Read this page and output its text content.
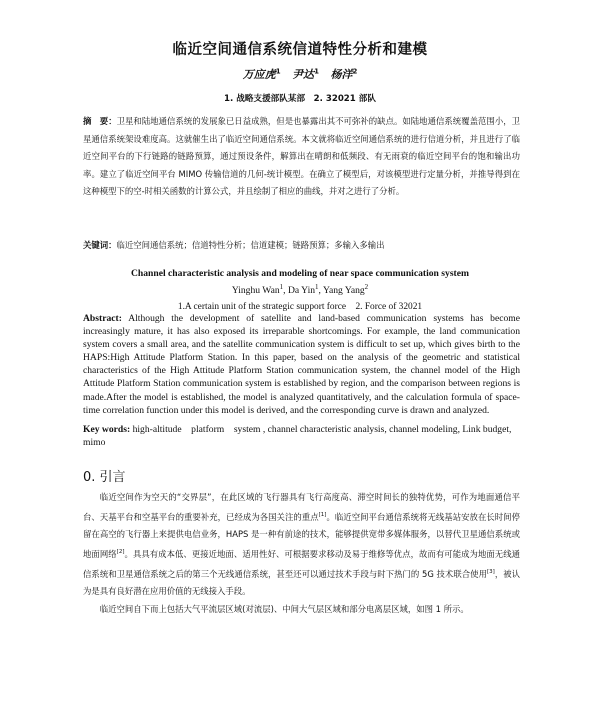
临近空间通信系统信道特性分析和建模
万应虎$^1$ 尹达$^1$ 杨洋$^2$
1. 战略支援部队某部　2. 32021 部队
摘　要：卫星和陆地通信系统的发展象已日益成熟，但是也暴露出其不可弥补的缺点。如陆地通信系统覆盖范围小，卫星通信系统架设难度高。这就催生出了临近空间通信系统。本文就将临近空间通信系统的进行信道分析，并且进行了临近空间平台的下行链路的链路预算，通过预设条件，解算出在晴朗和低频段、有无雨衰的临近空间平台的饱和输出功率。建立了临近空间平台 MIMO 传输信道的几何-统计模型。在确立了模型后，对该模型进行定量分析，并推导得到在这种模型下的空-时相关函数的计算公式，并且绘制了相应的曲线，并对之进行了分析。
关键词：临近空间通信系统；信道特性分析；信道建模；链路预算；多输入多输出
Channel characteristic analysis and modeling of near space communication system
Yinghu Wan$^1$, Da Yin$^1$, Yang Yang$^2$
1.A certain unit of the strategic support force　2. Force of 32021
Abstract: Although the development of satellite and land-based communication systems has become increasingly mature, it has also exposed its irreparable shortcomings. For example, the land communication system covers a small area, and the satellite communication system is difficult to set up, which gives birth to the HAPS:High Attitude Platform Station. In this paper, based on the analysis of the geometric and statistical characteristics of the High Attitude Platform Station communication system, the channel model of the High Attitude Platform Station communication system is established by region, and the comparison between regions is made.After the model is established, the model is analyzed quantitatively, and the calculation formula of space-time correlation function under this model is derived, and the corresponding curve is drawn and analyzed.
Key words: high-altitude　platform　system , channel characteristic analysis, channel modeling, Link budget, mimo
0. 引言

临近空间作为空天的“交界层”，在此区域的飞行器具有飞行高度高、滞空时间长的独特优势，可作为地面通信平台、天基平台和空基平台的重要补充，已经成为各国关注的重点[1]。临近空间平台通信系统将无线基站安放在长时间停留在高空的飞行器上来提供电信业务，HAPS 是一种有前途的技术，能够提供宽带多媒体服务，以替代卫星通信系统或地面网络[2]。具具有成本低、更接近地面、适用性好、可根据要求移动及易于维修等优点，故而有可能成为地面无线通信系统和卫星通信系统之后的第三个无线通信系统，甚至还可以通过技术手段与时下热门的 5G 技术联合使用[3]，被认为是具有良好潜在应用价值的无线接入手段。

临近空间自下而上包括大气平流层区域(对流层)、中间大气层区域和部分电离层区域，如图 1 所示。
